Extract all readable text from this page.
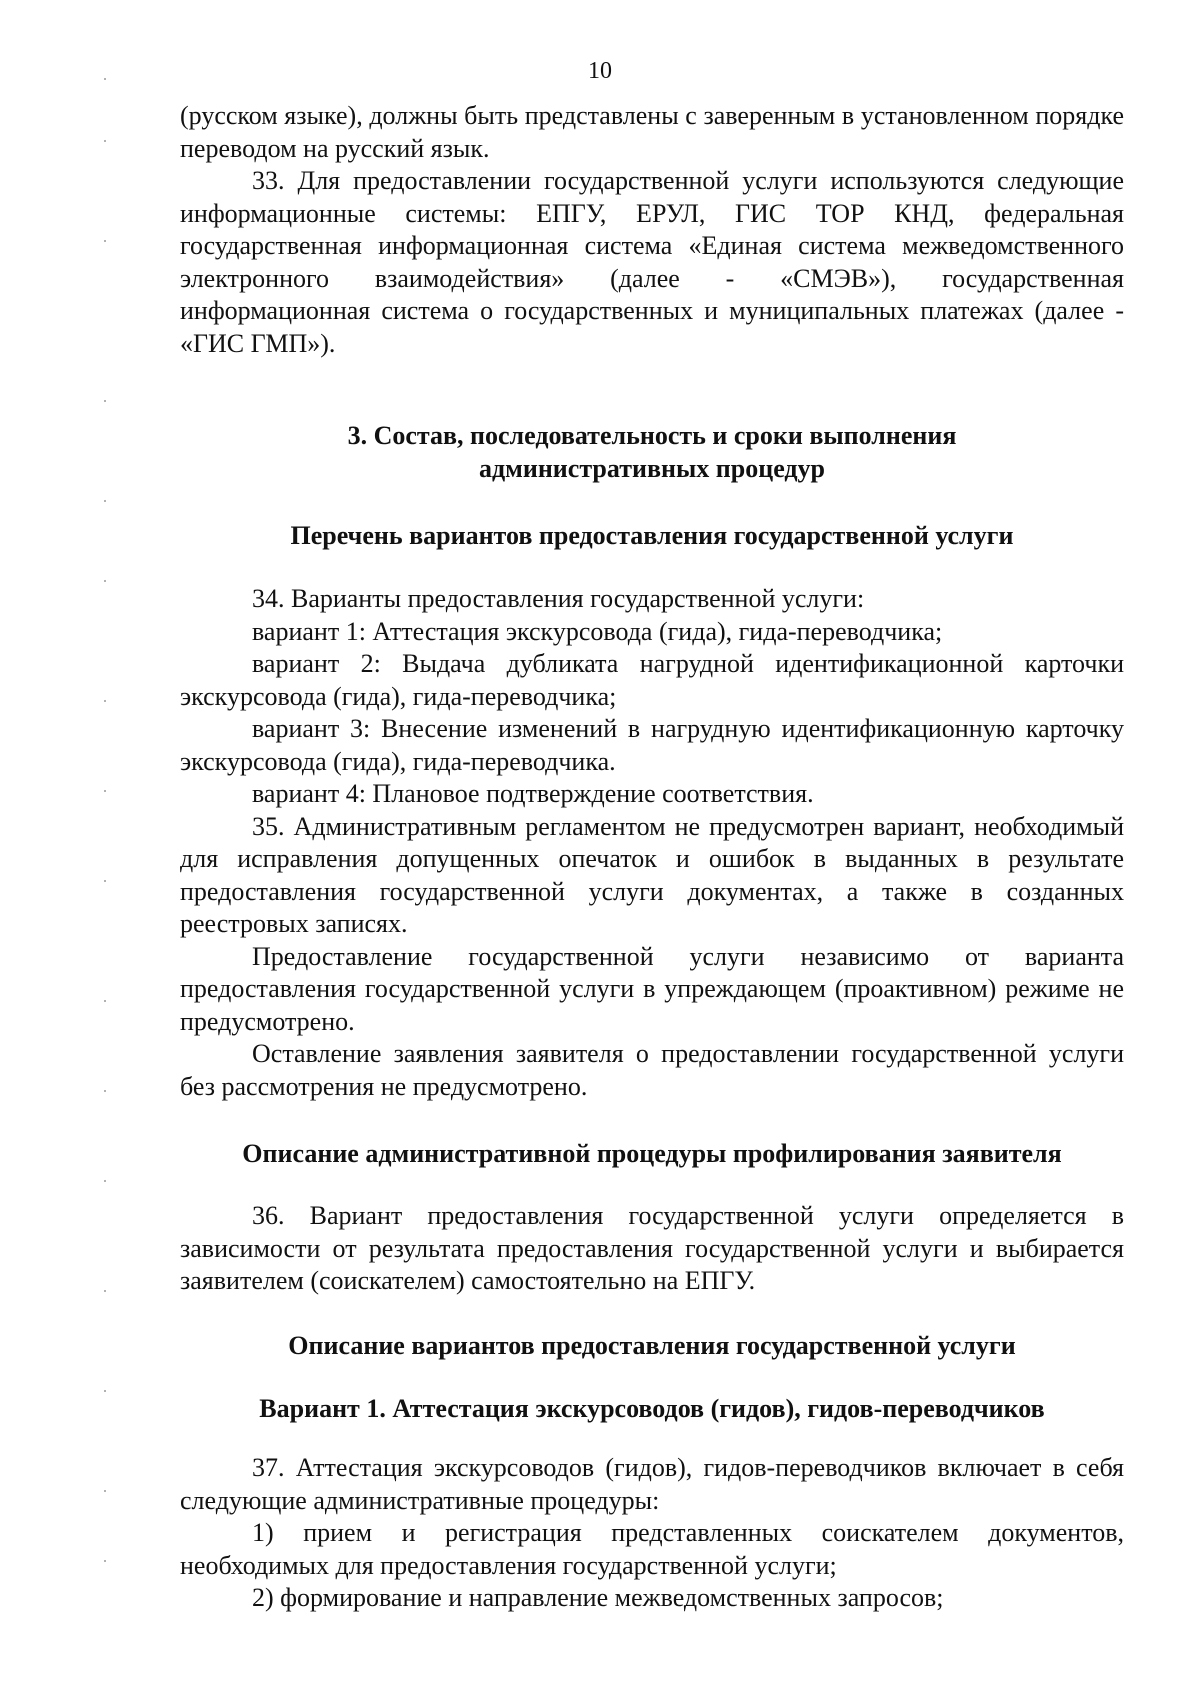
10

(русском языке), должны быть представлены с заверенным в установленном порядке переводом на русский язык.

33. Для предоставлении государственной услуги используются следующие информационные системы: ЕПГУ, ЕРУЛ, ГИС ТОР КНД, федеральная государственная информационная система «Единая система межведомственного электронного взаимодействия» (далее - «СМЭВ»), государственная информационная система о государственных и муниципальных платежах (далее - «ГИС ГМП»).

3. Состав, последовательность и сроки выполнения

административных процедур

Перечень вариантов предоставления государственной услуги

34. Варианты предоставления государственной услуги:

вариант 1: Аттестация экскурсовода (гида), гида-переводчика;

вариант 2: Выдача дубликата нагрудной идентификационной карточки экскурсовода (гида), гида-переводчика;

вариант 3: Внесение изменений в нагрудную идентификационную карточку экскурсовода (гида), гида-переводчика.

вариант 4: Плановое подтверждение соответствия.

35. Административным регламентом не предусмотрен вариант, необходимый для исправления допущенных опечаток и ошибок в выданных в результате предоставления государственной услуги документах, а также в созданных реестровых записях.

Предоставление государственной услуги независимо от варианта предоставления государственной услуги в упреждающем (проактивном) режиме не предусмотрено.

Оставление заявления заявителя о предоставлении государственной услуги без рассмотрения не предусмотрено.

Описание административной процедуры профилирования заявителя

36. Вариант предоставления государственной услуги определяется в зависимости от результата предоставления государственной услуги и выбирается заявителем (соискателем) самостоятельно на ЕПГУ.

Описание вариантов предоставления государственной услуги

Вариант 1. Аттестация экскурсоводов (гидов), гидов-переводчиков

37. Аттестация экскурсоводов (гидов), гидов-переводчиков включает в себя следующие административные процедуры:

1) прием и регистрация представленных соискателем документов, необходимых для предоставления государственной услуги;

2) формирование и направление межведомственных запросов;
